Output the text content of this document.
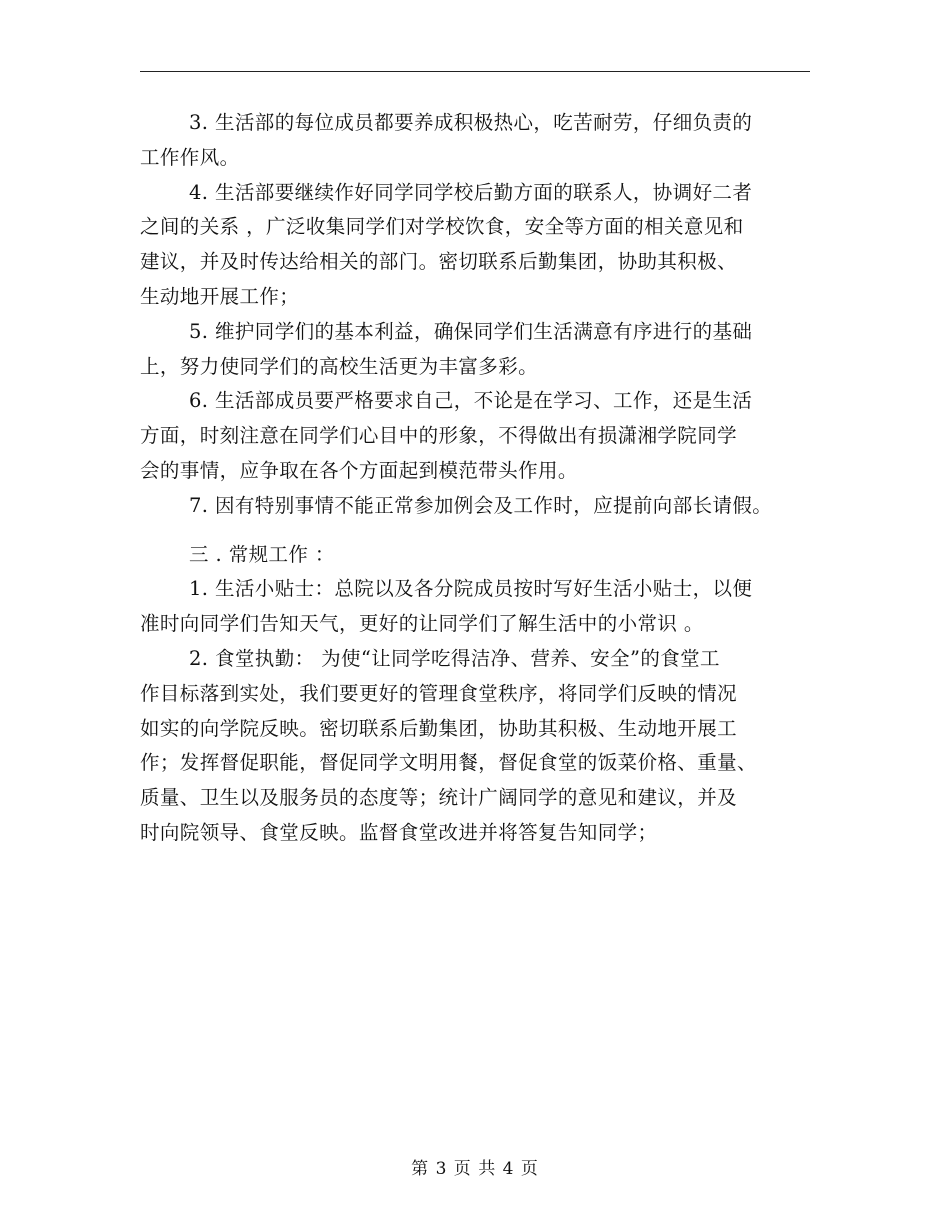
3. 生活部的每位成员都要养成积极热心，吃苦耐劳，仔细负责的
工作作风。
4. 生活部要继续作好同学同学校后勤方面的联系人，协调好二者
之间的关系 ，广泛收集同学们对学校饮食，安全等方面的相关意见和
建议，并及时传达给相关的部门。密切联系后勤集团，协助其积极、
生动地开展工作；
5. 维护同学们的基本利益，确保同学们生活满意有序进行的基础
上，努力使同学们的高校生活更为丰富多彩。
6. 生活部成员要严格要求自己，不论是在学习、工作，还是生活
方面，时刻注意在同学们心目中的形象，不得做出有损潇湘学院同学
会的事情，应争取在各个方面起到模范带头作用。
7. 因有特别事情不能正常参加例会及工作时，应提前向部长请假。
三 . 常规工作 ：
1. 生活小贴士：总院以及各分院成员按时写好生活小贴士，以便
准时向同学们告知天气，更好的让同学们了解生活中的小常识 。
2. 食堂执勤： 为使“让同学吃得洁净、营养、安全”的食堂工
作目标落到实处，我们要更好的管理食堂秩序，将同学们反映的情况
如实的向学院反映。密切联系后勤集团，协助其积极、生动地开展工
作；发挥督促职能，督促同学文明用餐，督促食堂的饭菜价格、重量、
质量、卫生以及服务员的态度等；统计广阔同学的意见和建议，并及
时向院领导、食堂反映。监督食堂改进并将答复告知同学；
第 3 页 共 4 页
